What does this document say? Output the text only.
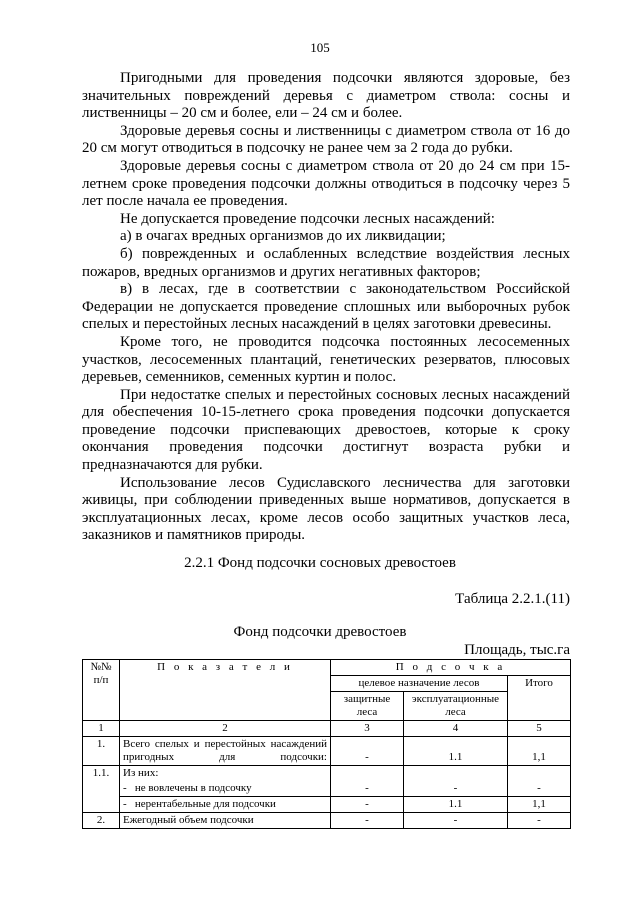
105

Пригодными для проведения подсочки являются здоровые, без значительных повреждений деревья с диаметром ствола: сосны и лиственницы – 20 см и более, ели – 24 см и более.

Здоровые деревья сосны и лиственницы с диаметром ствола от 16 до 20 см могут отводиться в подсочку не ранее чем за 2 года до рубки.

Здоровые деревья сосны с диаметром ствола от 20 до 24 см при 15-летнем сроке проведения подсочки должны отводиться в подсочку через 5 лет после начала ее проведения.

Не допускается проведение подсочки лесных насаждений:

а) в очагах вредных организмов до их ликвидации;

б) поврежденных и ослабленных вследствие воздействия лесных пожаров, вредных организмов и других негативных факторов;

в) в лесах, где в соответствии с законодательством Российской Федерации не допускается проведение сплошных или выборочных рубок спелых и перестойных лесных насаждений в целях заготовки древесины.

Кроме того, не проводится подсочка постоянных лесосеменных участков, лесосеменных плантаций, генетических резерватов, плюсовых деревьев, семенников, семенных куртин и полос.

При недостатке спелых и перестойных сосновых лесных насаждений для обеспечения 10-15-летнего срока проведения подсочки допускается проведение подсочки приспевающих древостоев, которые к сроку окончания проведения подсочки достигнут возраста рубки и предназначаются для рубки.

Использование лесов Судиславского лесничества для заготовки живицы, при соблюдении приведенных выше нормативов, допускается в эксплуатационных лесах, кроме лесов особо защитных участков леса, заказников и памятников природы.

2.2.1 Фонд подсочки сосновых древостоев
Таблица 2.2.1.(11)
Фонд подсочки древостоев
Площадь, тыс.га
№№ п/п	П о к а з а т е л и	П о д с о ч к а		
		целевое назначение лесов		Итого
		защитные леса	эксплуатационные леса	
1	2	3	4	5
1.	Всего спелых и перестойных насаждений пригодных для подсочки:	-	1.1	1,1
1.1.	Из них:			
	-   не вовлечены в подсочку	-	-	-
	-   нерентабельные для подсочки	-	1.1	1,1
2.	Ежегодный объем подсочки	-	-	-
